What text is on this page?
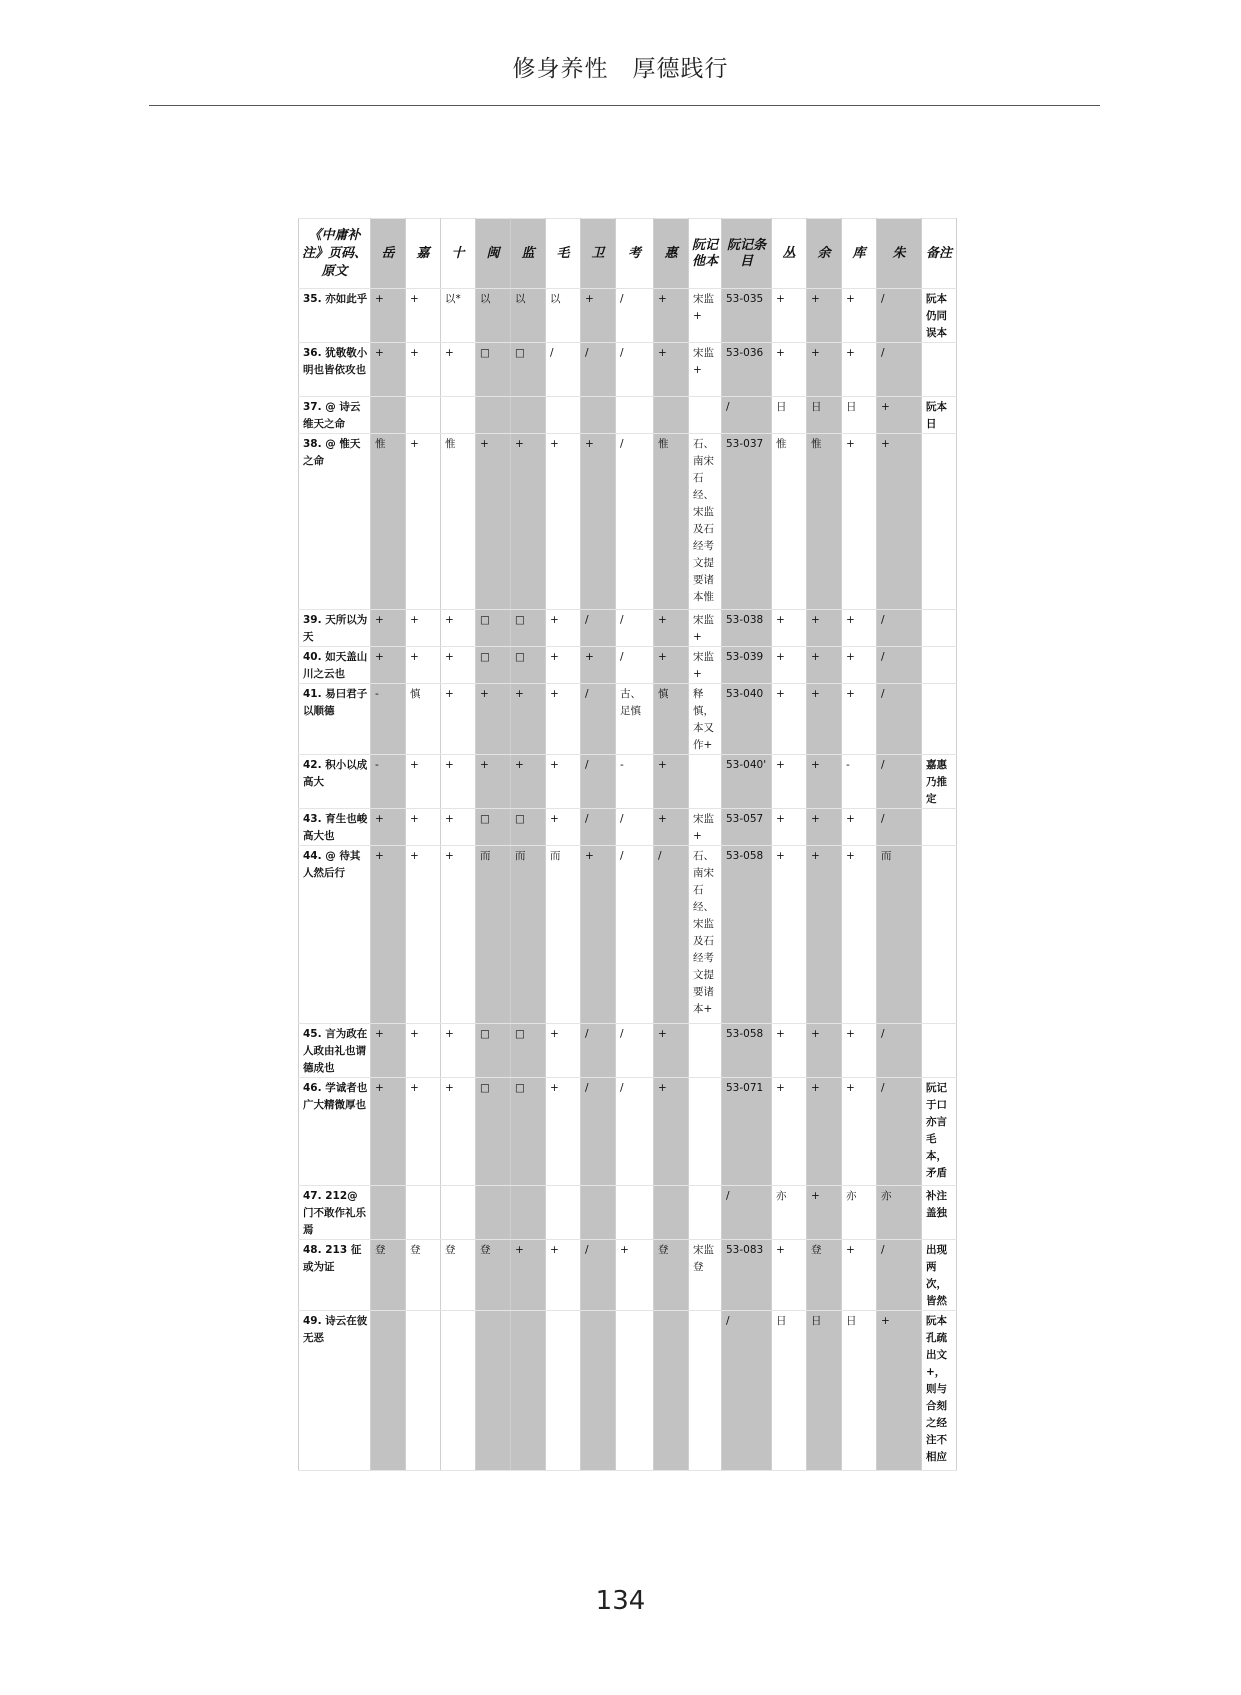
修身养性　厚德践行
《中庸补注》页码、原文	岳	嘉	十	闽	监	毛	卫	考	惠	阮记他本	阮记条目	丛	余	库	朱	备注
35. 亦如此乎	+	+	以*	以	以	以	+	/	+	宋监+	53-035	+	+	+	/	阮本仍同误本
36. 犹敬敬小明也皆依攻也	+	+	+	□	□	/	/	/	+	宋监+	53-036	+	+	+	/	
37. @ 诗云维天之命											/	日	日	日	+	阮本日
38. @ 惟天之命	惟	+	惟	+	+	+	+	/	惟	石、南宋石经、宋监及石经考文提要诸本惟	53-037	惟	惟	+	+	
39. 天所以为天	+	+	+	□	□	+	/	/	+	宋监+	53-038	+	+	+	/	
40. 如天盖山川之云也	+	+	+	□	□	+	+	/	+	宋监+	53-039	+	+	+	/	
41. 易曰君子以顺德	-	慎	+	+	+	+	/	古、足慎	慎	释慎，本又作+	53-040	+	+	+	/	
42. 积小以成高大	-	+	+	+	+	+	/	-	+		53-040'	+	+	-	/	嘉惠乃推定
43. 育生也峻高大也	+	+	+	□	□	+	/	/	+	宋监+	53-057	+	+	+	/	
44. @ 待其人然后行	+	+	+	而	而	而	+	/	/	石、南宋石经、宋监及石经考文提要诸本+	53-058	+	+	+	而	
45. 言为政在人政由礼也谓德成也	+	+	+	□	□	+	/	/	+		53-058	+	+	+	/	
46. 学诚者也广大精微厚也	+	+	+	□	□	+	/	/	+		53-071	+	+	+	/	阮记于口亦言毛本，矛盾
47. 212@门不敢作礼乐焉											/	亦	+	亦	亦	补注盖独
48. 213 征或为证	登	登	登	登	+	+	/	+	登	宋监登	53-083	+	登	+	/	出现两次，皆然
49. 诗云在彼无恶											/	日	日	日	+	阮本孔疏出文+，则与合刻之经注不相应
134
